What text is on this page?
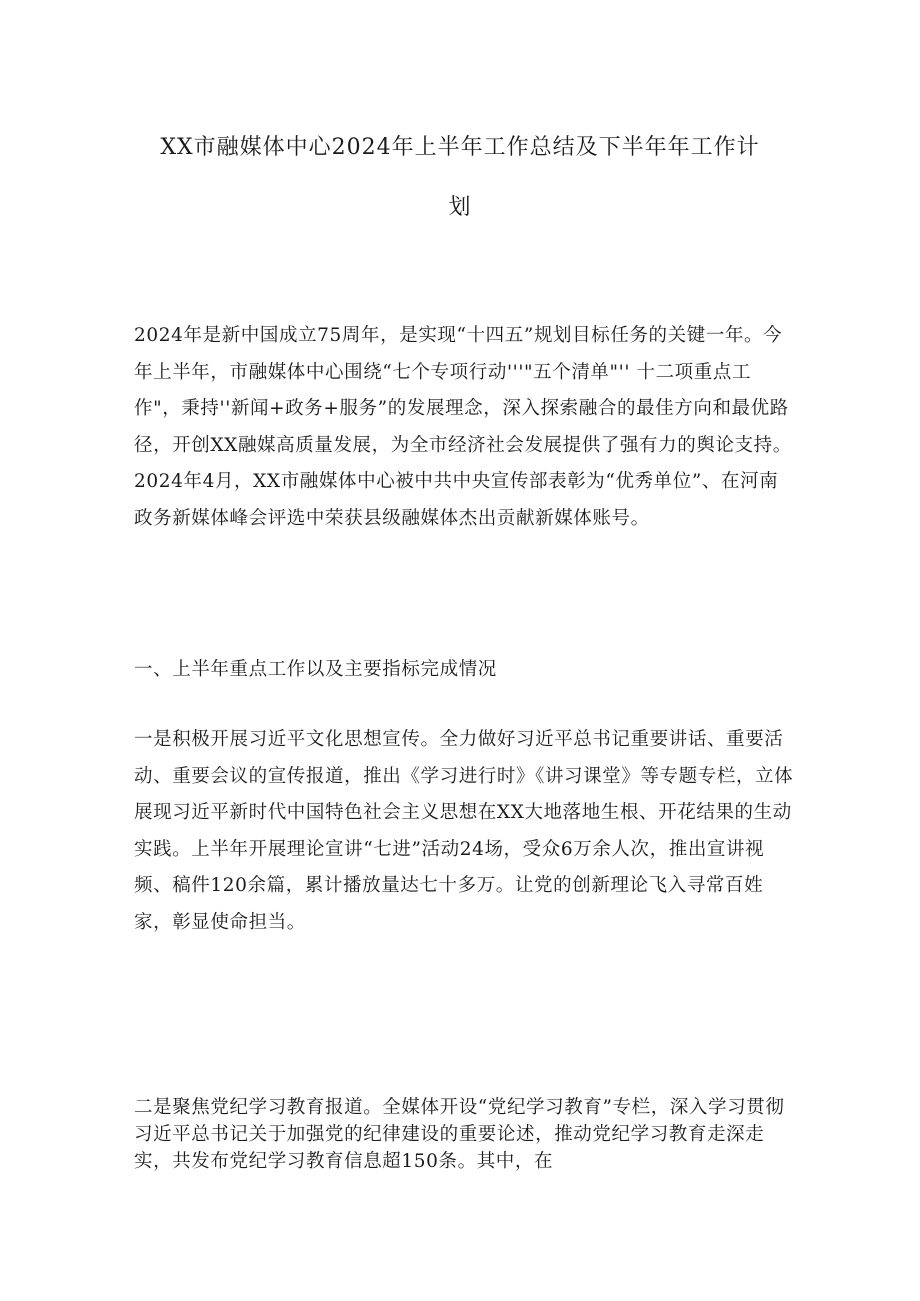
XX市融媒体中心2024年上半年工作总结及下半年年工作计
划

2024年是新中国成立75周年，是实现“十四五”规划目标任务的关键一年。今年上半年，市融媒体中心围绕“七个专项行动'''"五个清单"'' 十二项重点工作"，秉持''新闻+政务+服务”的发展理念，深入探索融合的最佳方向和最优路径，开创XX融媒高质量发展，为全市经济社会发展提供了强有力的舆论支持。2024年4月，XX市融媒体中心被中共中央宣传部表彰为“优秀单位”、在河南政务新媒体峰会评选中荣获县级融媒体杰出贡献新媒体账号。

一、上半年重点工作以及主要指标完成情况

一是积极开展习近平文化思想宣传。全力做好习近平总书记重要讲话、重要活动、重要会议的宣传报道，推出《学习进行时》《讲习课堂》等专题专栏，立体展现习近平新时代中国特色社会主义思想在XX大地落地生根、开花结果的生动实践。上半年开展理论宣讲“七进”活动24场，受众6万余人次，推出宣讲视频、稿件120余篇，累计播放量达七十多万。让党的创新理论飞入寻常百姓家，彰显使命担当。

二是聚焦党纪学习教育报道。全媒体开设“党纪学习教育”专栏，深入学习贯彻习近平总书记关于加强党的纪律建设的重要论述，推动党纪学习教育走深走实，共发布党纪学习教育信息超150条。其中，在
